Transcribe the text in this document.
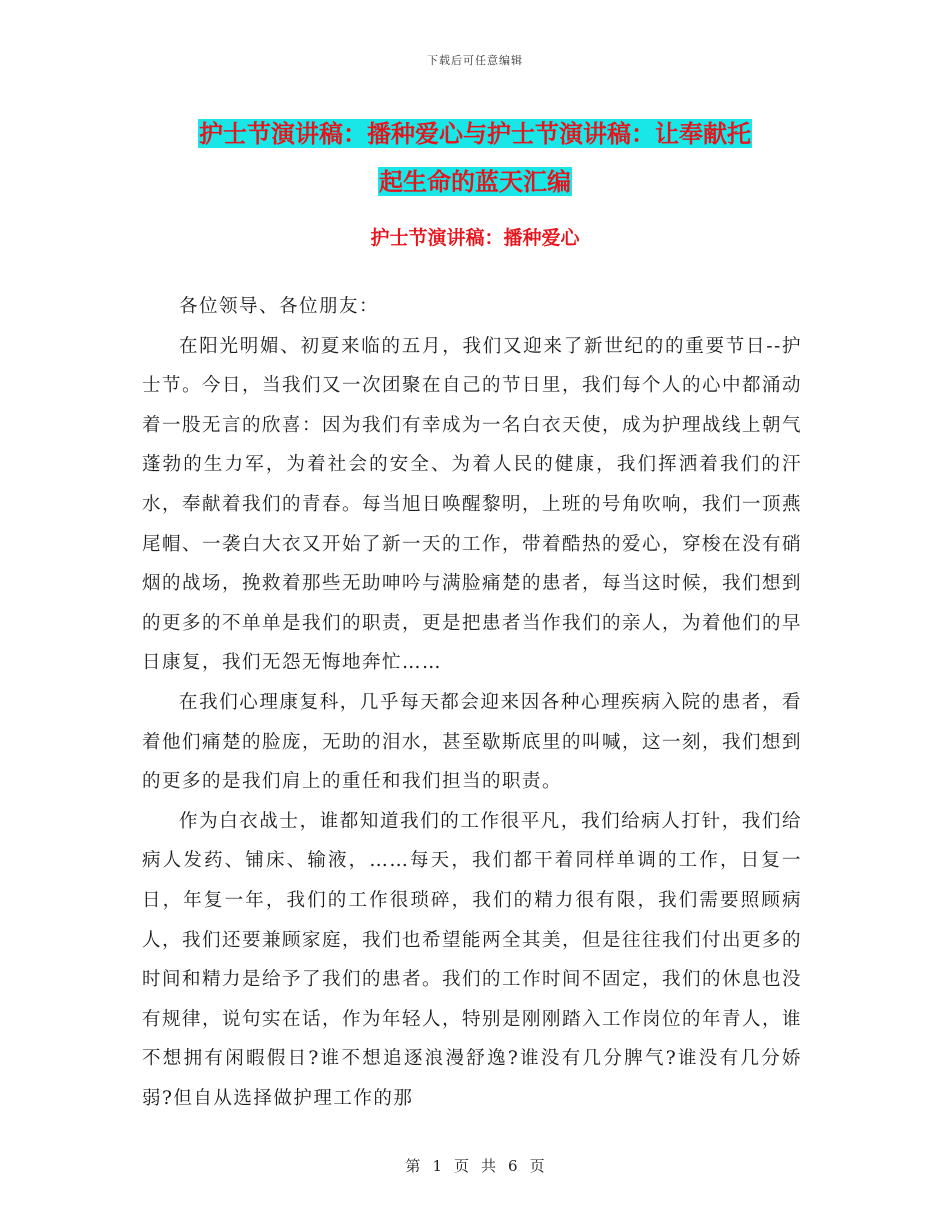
下载后可任意编辑
护士节演讲稿：播种爱心与护士节演讲稿：让奉献托
起生命的蓝天汇编
护士节演讲稿：播种爱心

各位领导、各位朋友：

在阳光明媚、初夏来临的五月，我们又迎来了新世纪的的重要节日--护士节。今日，当我们又一次团聚在自己的节日里，我们每个人的心中都涌动着一股无言的欣喜：因为我们有幸成为一名白衣天使，成为护理战线上朝气蓬勃的生力军，为着社会的安全、为着人民的健康，我们挥洒着我们的汗水，奉献着我们的青春。每当旭日唤醒黎明，上班的号角吹响，我们一顶燕尾帽、一袭白大衣又开始了新一天的工作，带着酷热的爱心，穿梭在没有硝烟的战场，挽救着那些无助呻吟与满脸痛楚的患者，每当这时候，我们想到的更多的不单单是我们的职责，更是把患者当作我们的亲人，为着他们的早日康复，我们无怨无悔地奔忙……

在我们心理康复科，几乎每天都会迎来因各种心理疾病入院的患者，看着他们痛楚的脸庞，无助的泪水，甚至歇斯底里的叫喊，这一刻，我们想到的更多的是我们肩上的重任和我们担当的职责。

作为白衣战士，谁都知道我们的工作很平凡，我们给病人打针，我们给病人发药、铺床、输液，……每天，我们都干着同样单调的工作，日复一日，年复一年，我们的工作很琐碎，我们的精力很有限，我们需要照顾病人，我们还要兼顾家庭，我们也希望能两全其美，但是往往我们付出更多的时间和精力是给予了我们的患者。我们的工作时间不固定，我们的休息也没有规律，说句实在话，作为年轻人，特别是刚刚踏入工作岗位的年青人，谁不想拥有闲暇假日?谁不想追逐浪漫舒逸?谁没有几分脾气?谁没有几分娇弱?但自从选择做护理工作的那

第 1 页 共 6 页
